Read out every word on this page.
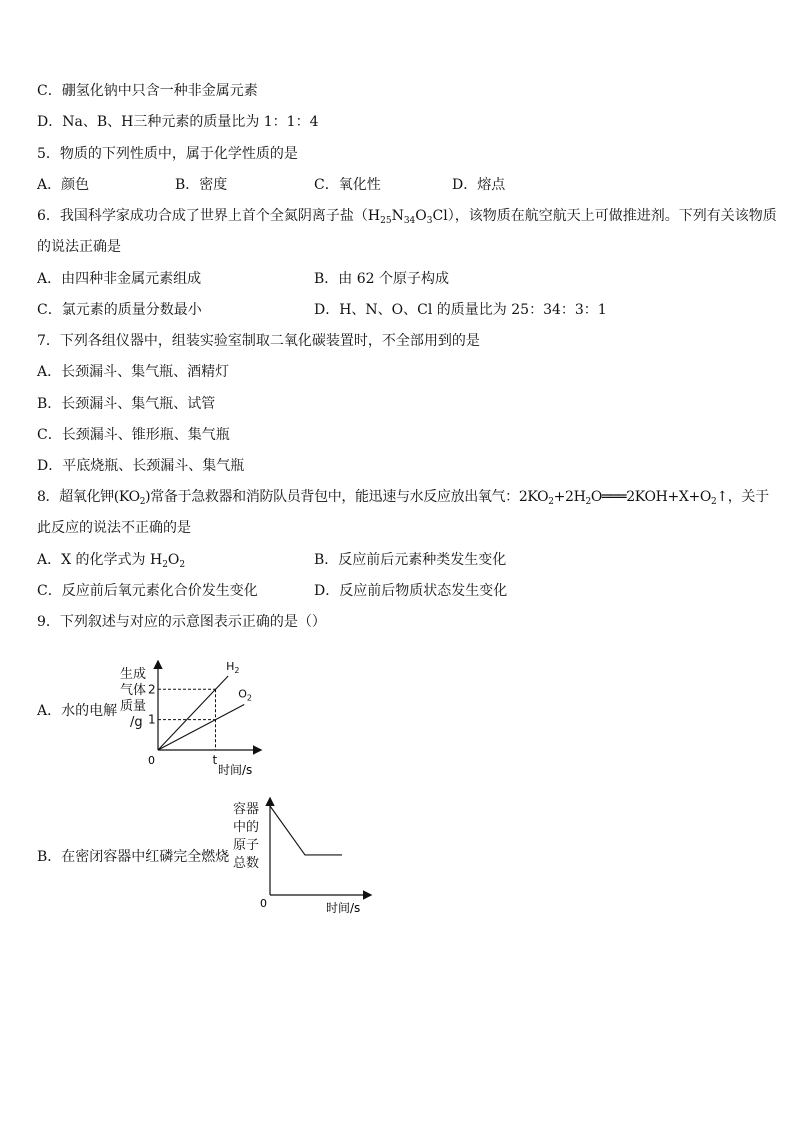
C．硼氢化钠中只含一种非金属元素
D．Na、B、H三种元素的质量比为 1：1：4
5．物质的下列性质中，属于化学性质的是
A．颜色	B．密度	C．氧化性	D．熔点
6．我国科学家成功合成了世界上首个全氮阴离子盐$(H_{25}N_{34}O_3Cl)$，该物质在航空航天上可做推进剂。下列有关该物质
的说法正确是
A．由四种非金属元素组成	B．由 62 个原子构成
C．氯元素的质量分数最小	D．H、N、O、Cl 的质量比为 25：34：3：1
7．下列各组仪器中，组装实验室制取二氧化碳装置时，不全部用到的是
A．长颈漏斗、集气瓶、酒精灯
B．长颈漏斗、集气瓶、试管
C．长颈漏斗、锥形瓶、集气瓶
D．平底烧瓶、长颈漏斗、集气瓶
8．超氧化钾$(KO_2)$常备于急救器和消防队员背包中，能迅速与水反应放出氧气：$2KO_2+2H_2O═══2KOH+X+O_2↑$，关于
此反应的说法不正确的是
A．X 的化学式为 $H_2O_2$	B．反应前后元素种类发生变化
C．反应前后氧元素化合价发生变化	D．反应前后物质状态发生变化
9．下列叙述与对应的示意图表示正确的是（）
A．水的电解
生成
气体
质量
/g 1
2
t
$H_2$
$O_2$
0
时间/s
B．在密闭容器中红磷完全燃烧
容器
中的
原子
总数
0	时间/s
